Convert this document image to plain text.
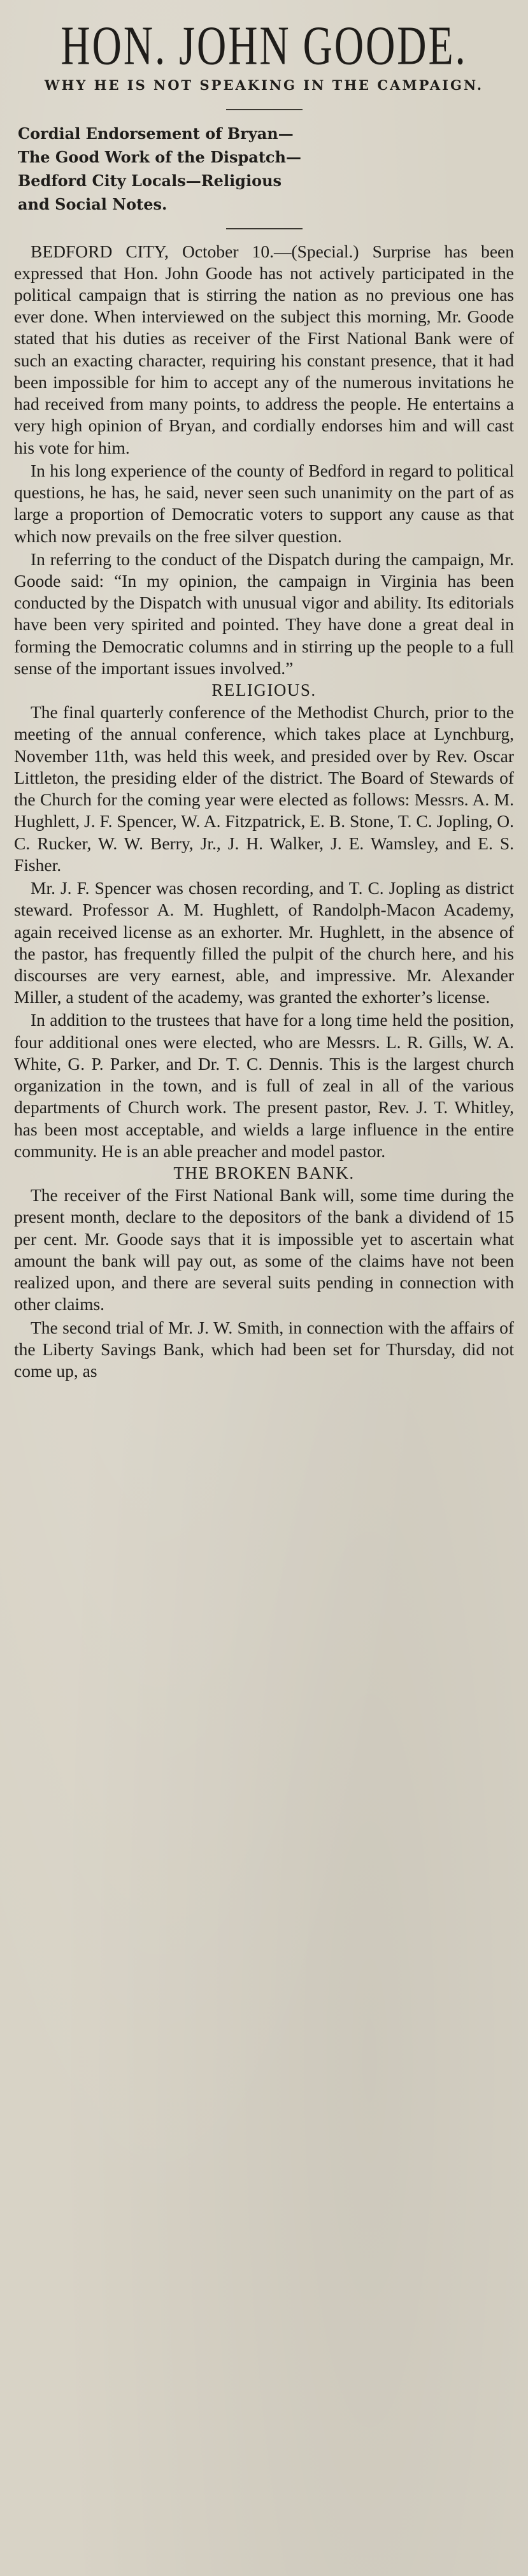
HON. JOHN GOODE.
WHY HE IS NOT SPEAKING IN THE CAMPAIGN.
Cordial Endorsement of Bryan—
The Good Work of the Dispatch—
Bedford City Locals—Religious
and Social Notes.

BEDFORD CITY, October 10.—(Special.) Surprise has been expressed that Hon. John Goode has not actively participated in the political campaign that is stirring the nation as no previous one has ever done. When interviewed on the subject this morning, Mr. Goode stated that his duties as receiver of the First National Bank were of such an exacting character, requiring his constant presence, that it had been impossible for him to accept any of the numerous invitations he had received from many points, to address the people. He entertains a very high opinion of Bryan, and cordially endorses him and will cast his vote for him.

In his long experience of the county of Bedford in regard to political questions, he has, he said, never seen such unanimity on the part of as large a proportion of Democratic voters to support any cause as that which now prevails on the free silver question.

In referring to the conduct of the Dispatch during the campaign, Mr. Goode said: “In my opinion, the campaign in Virginia has been conducted by the Dispatch with unusual vigor and ability. Its editorials have been very spirited and pointed. They have done a great deal in forming the Democratic columns and in stirring up the people to a full sense of the important issues involved.”

RELIGIOUS.

The final quarterly conference of the Methodist Church, prior to the meeting of the annual conference, which takes place at Lynchburg, November 11th, was held this week, and presided over by Rev. Oscar Littleton, the presiding elder of the district. The Board of Stewards of the Church for the coming year were elected as follows: Messrs. A. M. Hughlett, J. F. Spencer, W. A. Fitzpatrick, E. B. Stone, T. C. Jopling, O. C. Rucker, W. W. Berry, Jr., J. H. Walker, J. E. Wamsley, and E. S. Fisher.

Mr. J. F. Spencer was chosen recording, and T. C. Jopling as district steward. Professor A. M. Hughlett, of Randolph-Macon Academy, again received license as an exhorter. Mr. Hughlett, in the absence of the pastor, has frequently filled the pulpit of the church here, and his discourses are very earnest, able, and impressive. Mr. Alexander Miller, a student of the academy, was granted the exhorter’s license.

In addition to the trustees that have for a long time held the position, four additional ones were elected, who are Messrs. L. R. Gills, W. A. White, G. P. Parker, and Dr. T. C. Dennis. This is the largest church organization in the town, and is full of zeal in all of the various departments of Church work. The present pastor, Rev. J. T. Whitley, has been most acceptable, and wields a large influence in the entire community. He is an able preacher and model pastor.

THE BROKEN BANK.

The receiver of the First National Bank will, some time during the present month, declare to the depositors of the bank a dividend of 15 per cent. Mr. Goode says that it is impossible yet to ascertain what amount the bank will pay out, as some of the claims have not been realized upon, and there are several suits pending in connection with other claims.

The second trial of Mr. J. W. Smith, in connection with the affairs of the Liberty Savings Bank, which had been set for Thursday, did not come up, as
